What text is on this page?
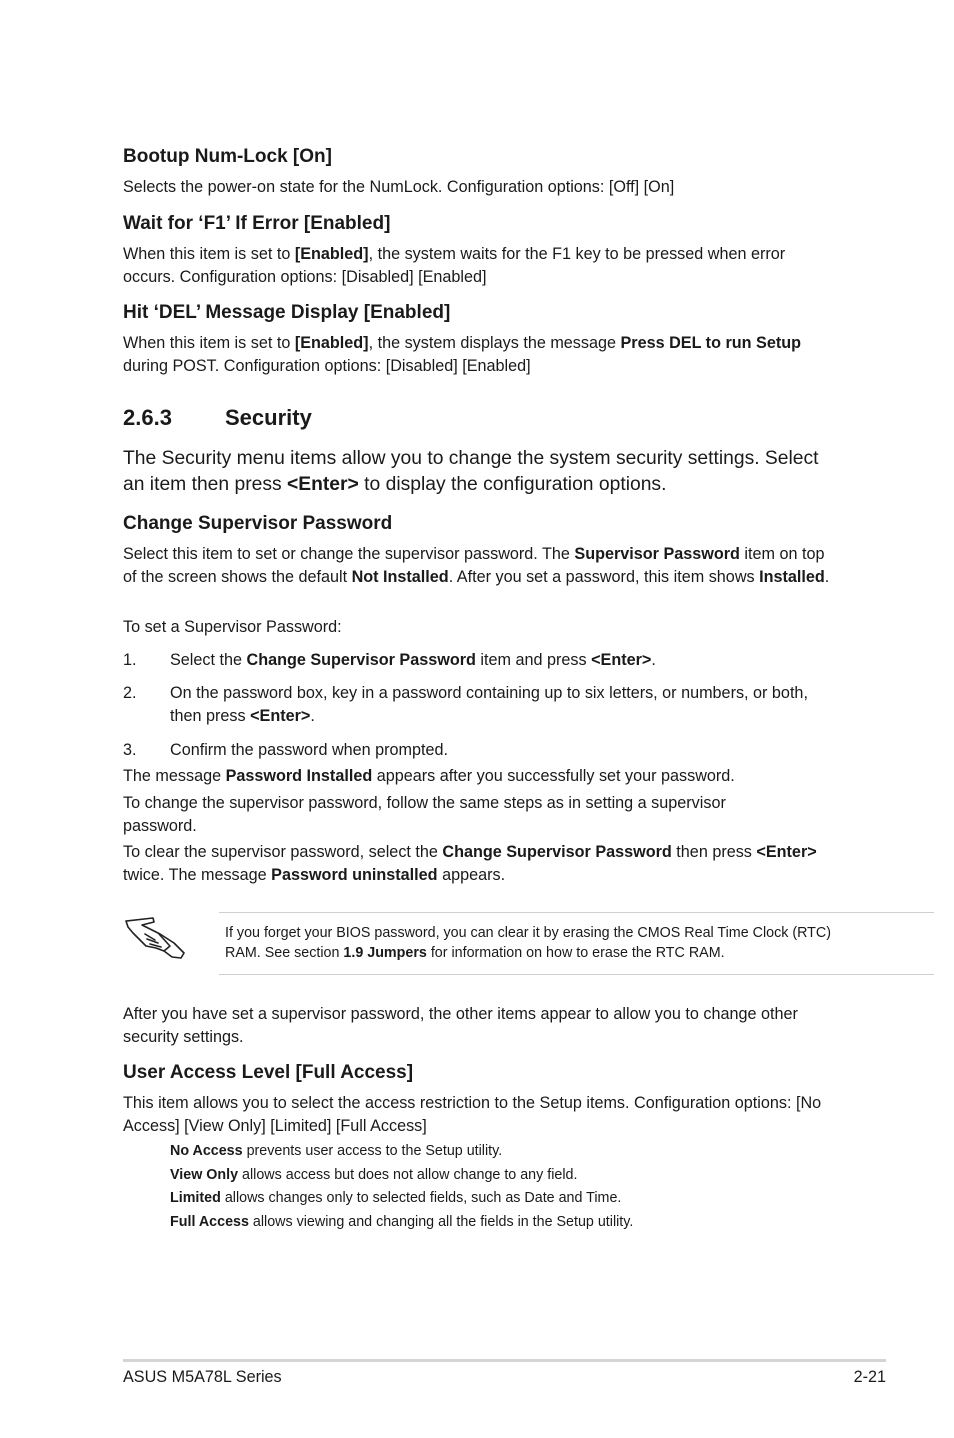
Bootup Num-Lock [On]

Selects the power-on state for the NumLock. Configuration options: [Off] [On]

Wait for ‘F1’ If Error [Enabled]

When this item is set to [Enabled], the system waits for the F1 key to be pressed when error occurs. Configuration options: [Disabled] [Enabled]

Hit ‘DEL’ Message Display [Enabled]

When this item is set to [Enabled], the system displays the message Press DEL to run Setup during POST. Configuration options: [Disabled] [Enabled]

2.6.3 Security

The Security menu items allow you to change the system security settings. Select an item then press <Enter> to display the configuration options.

Change Supervisor Password

Select this item to set or change the supervisor password. The Supervisor Password item on top of the screen shows the default Not Installed. After you set a password, this item shows Installed.

To set a Supervisor Password:

1. Select the Change Supervisor Password item and press <Enter>.
2. On the password box, key in a password containing up to six letters, or numbers, or both, then press <Enter>.
3. Confirm the password when prompted.

The message Password Installed appears after you successfully set your password.

To change the supervisor password, follow the same steps as in setting a supervisor password.

To clear the supervisor password, select the Change Supervisor Password then press <Enter> twice. The message Password uninstalled appears.

If you forget your BIOS password, you can clear it by erasing the CMOS Real Time Clock (RTC) RAM. See section 1.9 Jumpers for information on how to erase the RTC RAM.

After you have set a supervisor password, the other items appear to allow you to change other security settings.

User Access Level [Full Access]

This item allows you to select the access restriction to the Setup items. Configuration options: [No Access] [View Only] [Limited] [Full Access]

No Access prevents user access to the Setup utility.
View Only allows access but does not allow change to any field.
Limited allows changes only to selected fields, such as Date and Time.
Full Access allows viewing and changing all the fields in the Setup utility.
ASUS M5A78L Series	2-21
